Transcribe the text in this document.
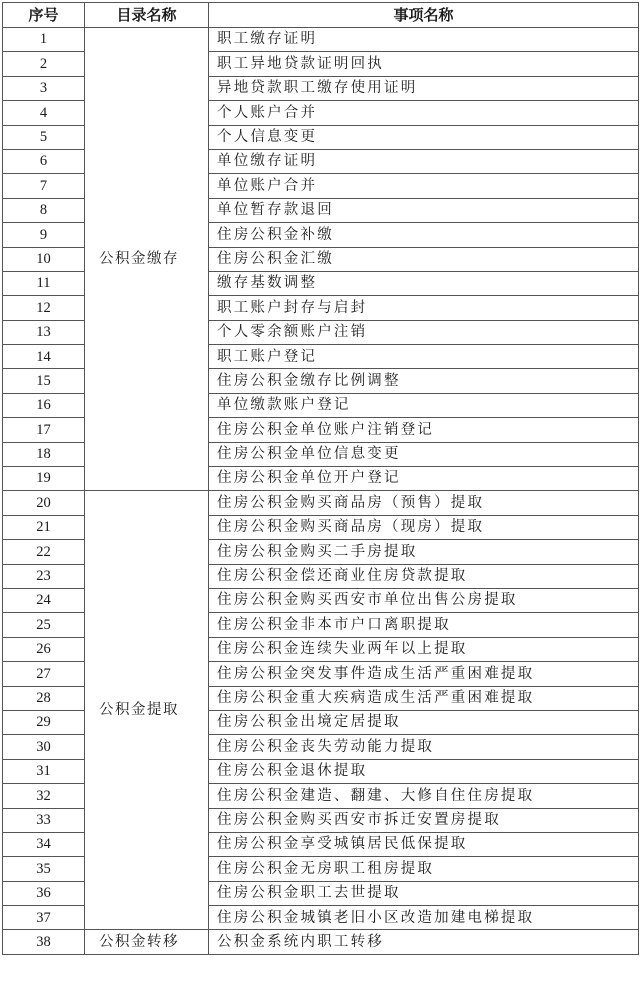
序号	目录名称	事项名称
1	公积金缴存	职工缴存证明
2		职工异地贷款证明回执
3		异地贷款职工缴存使用证明
4		个人账户合并
5		个人信息变更
6		单位缴存证明
7		单位账户合并
8		单位暂存款退回
9		住房公积金补缴
10		住房公积金汇缴
11		缴存基数调整
12		职工账户封存与启封
13		个人零余额账户注销
14		职工账户登记
15		住房公积金缴存比例调整
16		单位缴款账户登记
17		住房公积金单位账户注销登记
18		住房公积金单位信息变更
19		住房公积金单位开户登记
20	公积金提取	住房公积金购买商品房（预售）提取
21		住房公积金购买商品房（现房）提取
22		住房公积金购买二手房提取
23		住房公积金偿还商业住房贷款提取
24		住房公积金购买西安市单位出售公房提取
25		住房公积金非本市户口离职提取
26		住房公积金连续失业两年以上提取
27		住房公积金突发事件造成生活严重困难提取
28		住房公积金重大疾病造成生活严重困难提取
29		住房公积金出境定居提取
30		住房公积金丧失劳动能力提取
31		住房公积金退休提取
32		住房公积金建造、翻建、大修自住住房提取
33		住房公积金购买西安市拆迁安置房提取
34		住房公积金享受城镇居民低保提取
35		住房公积金无房职工租房提取
36		住房公积金职工去世提取
37		住房公积金城镇老旧小区改造加建电梯提取
38	公积金转移	公积金系统内职工转移
